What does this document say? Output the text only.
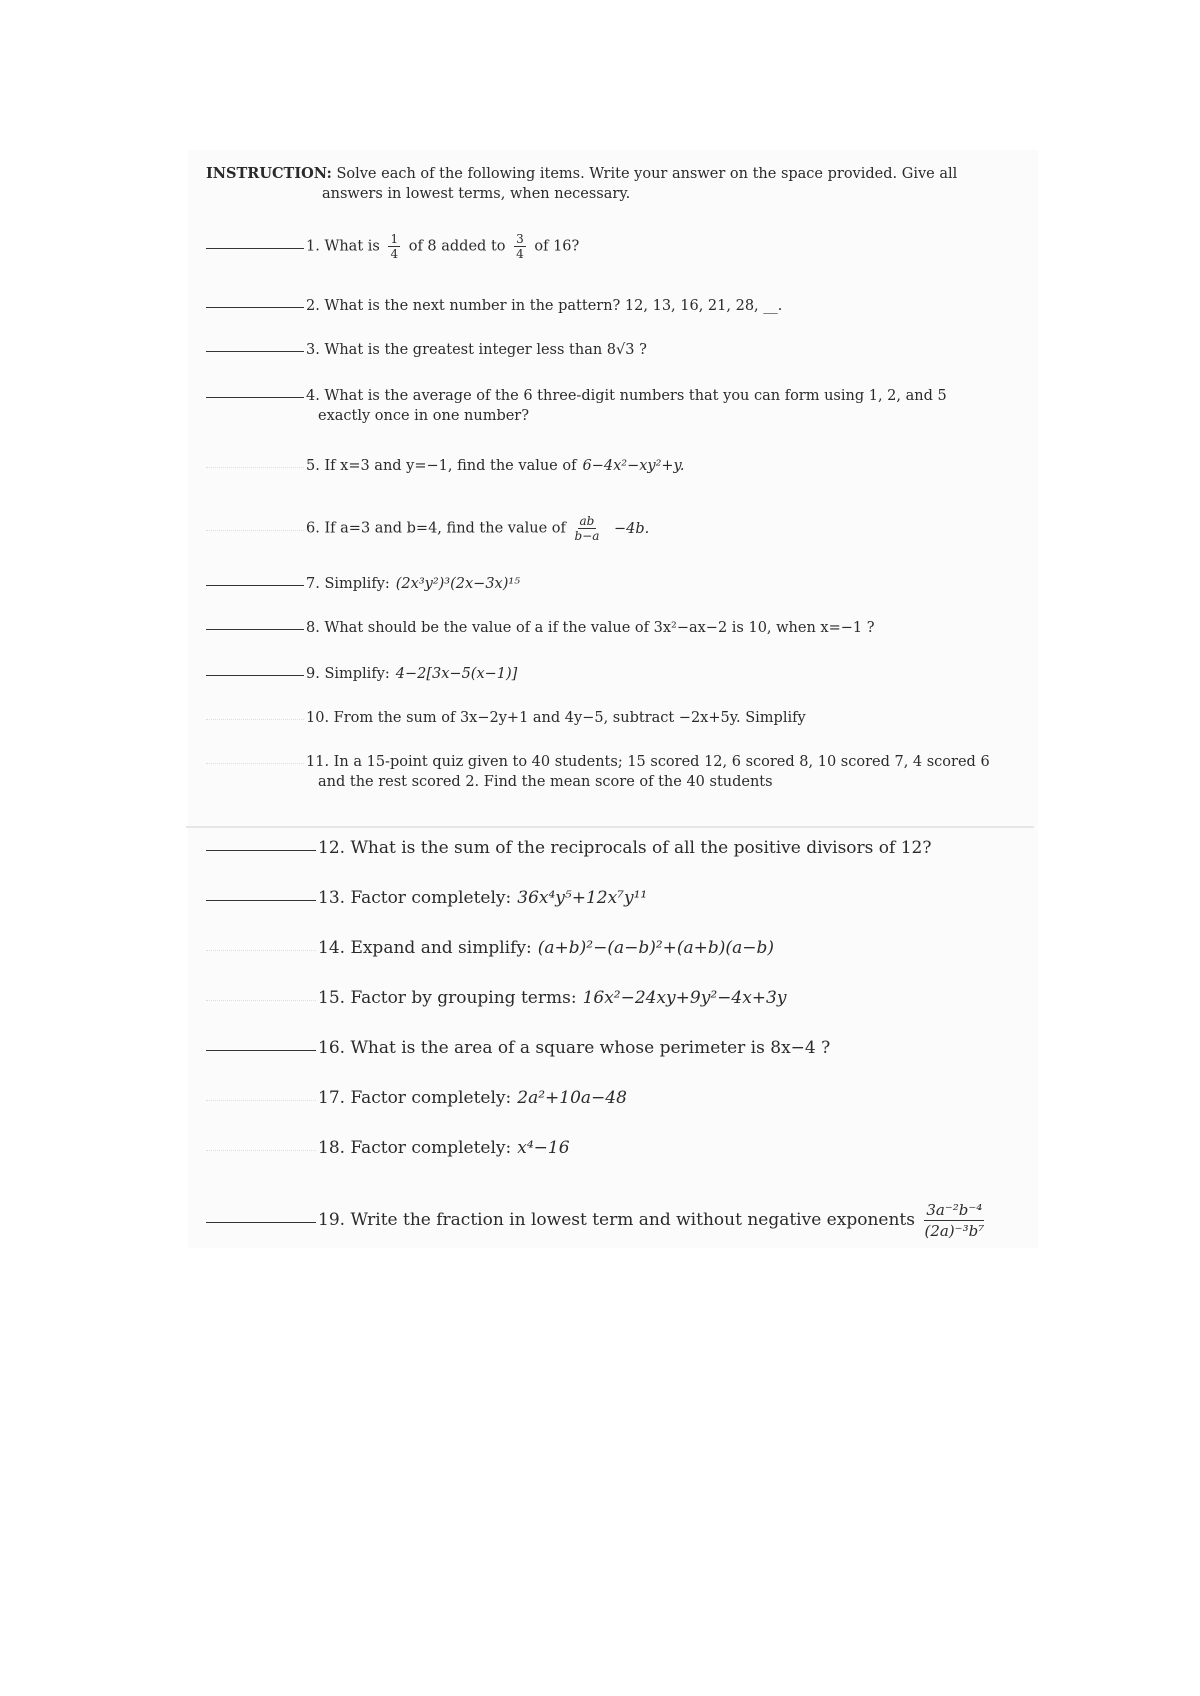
INSTRUCTION: Solve each of the following items. Write your answer on the space provided. Give all
answers in lowest terms, when necessary.
1. What is $\frac{1}{4}$ of 8 added to $\frac{3}{4}$ of 16?
2. What is the next number in the pattern? 12, 13, 16, 21, 28, __.
3. What is the greatest integer less than 8√3 ?
4. What is the average of the 6 three-digit numbers that you can form using 1, 2, and 5
exactly once in one number?
5. If x=3 and y=−1, find the value of 6−4x²−xy²+y.
6. If a=3 and b=4, find the value of $\frac{ab}{b-a} -4b$.
7. Simplify: (2x³y²)³(2x−3x)¹⁵
8. What should be the value of a if the value of 3x²−ax−2 is 10, when x=−1 ?
9. Simplify: 4−2[3x−5(x−1)]
10. From the sum of 3x−2y+1 and 4y−5, subtract −2x+5y. Simplify
11. In a 15-point quiz given to 40 students; 15 scored 12, 6 scored 8, 10 scored 7, 4 scored 6
and the rest scored 2. Find the mean score of the 40 students
12. What is the sum of the reciprocals of all the positive divisors of 12?
13. Factor completely: 36x⁴y⁵+12x⁷y¹¹
14. Expand and simplify: (a+b)²−(a−b)²+(a+b)(a−b)
15. Factor by grouping terms: 16x²−24xy+9y²−4x+3y
16. What is the area of a square whose perimeter is 8x−4 ?
17. Factor completely: 2a²+10a−48
18. Factor completely: x⁴−16
19. Write the fraction in lowest term and without negative exponents $\frac{\text{3a⁻²b⁻⁴}}{\text{(2a)⁻³b⁷}}$
